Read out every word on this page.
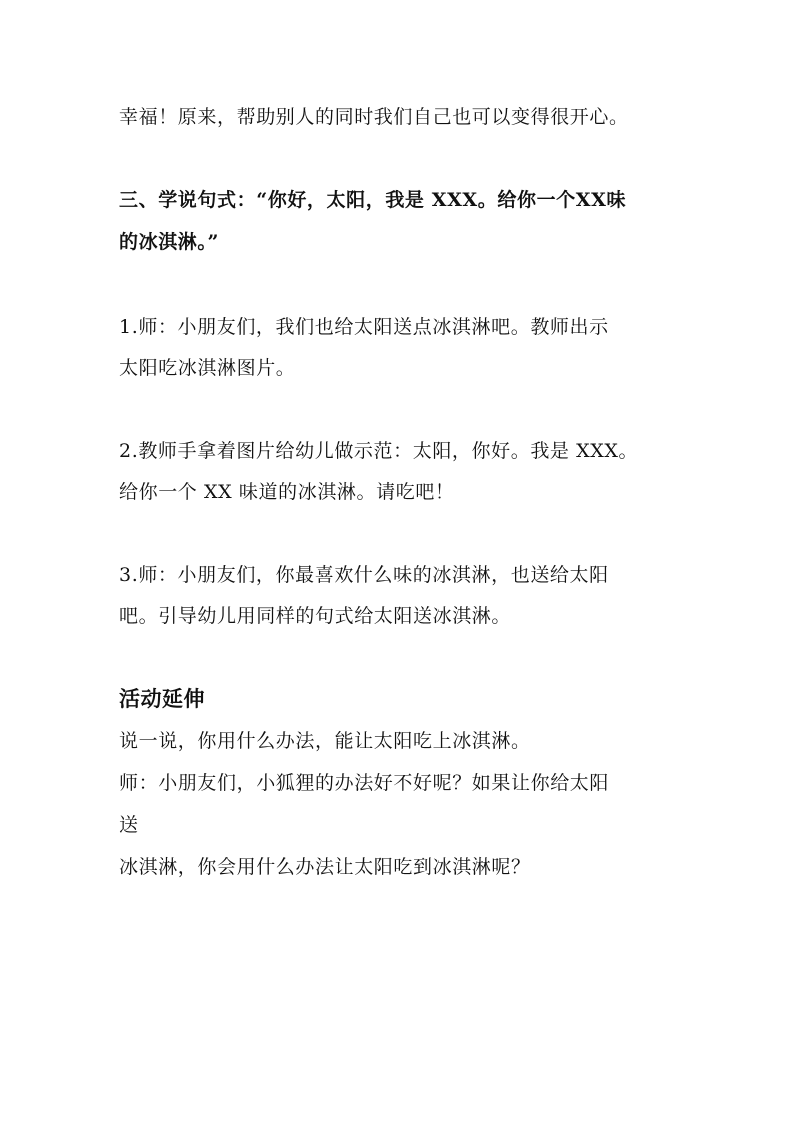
幸福！原来，帮助别人的同时我们自己也可以变得很开心。
三、学说句式：“你好，太阳，我是 XXX。给你一个XX味
的冰淇淋。”
1.师：小朋友们，我们也给太阳送点冰淇淋吧。教师出示
太阳吃冰淇淋图片。
2.教师手拿着图片给幼儿做示范：太阳，你好。我是 XXX。
给你一个 XX 味道的冰淇淋。请吃吧！
3.师：小朋友们，你最喜欢什么味的冰淇淋，也送给太阳
吧。引导幼儿用同样的句式给太阳送冰淇淋。
活动延伸
说一说，你用什么办法，能让太阳吃上冰淇淋。
师：小朋友们，小狐狸的办法好不好呢？如果让你给太阳
送
冰淇淋，你会用什么办法让太阳吃到冰淇淋呢？
